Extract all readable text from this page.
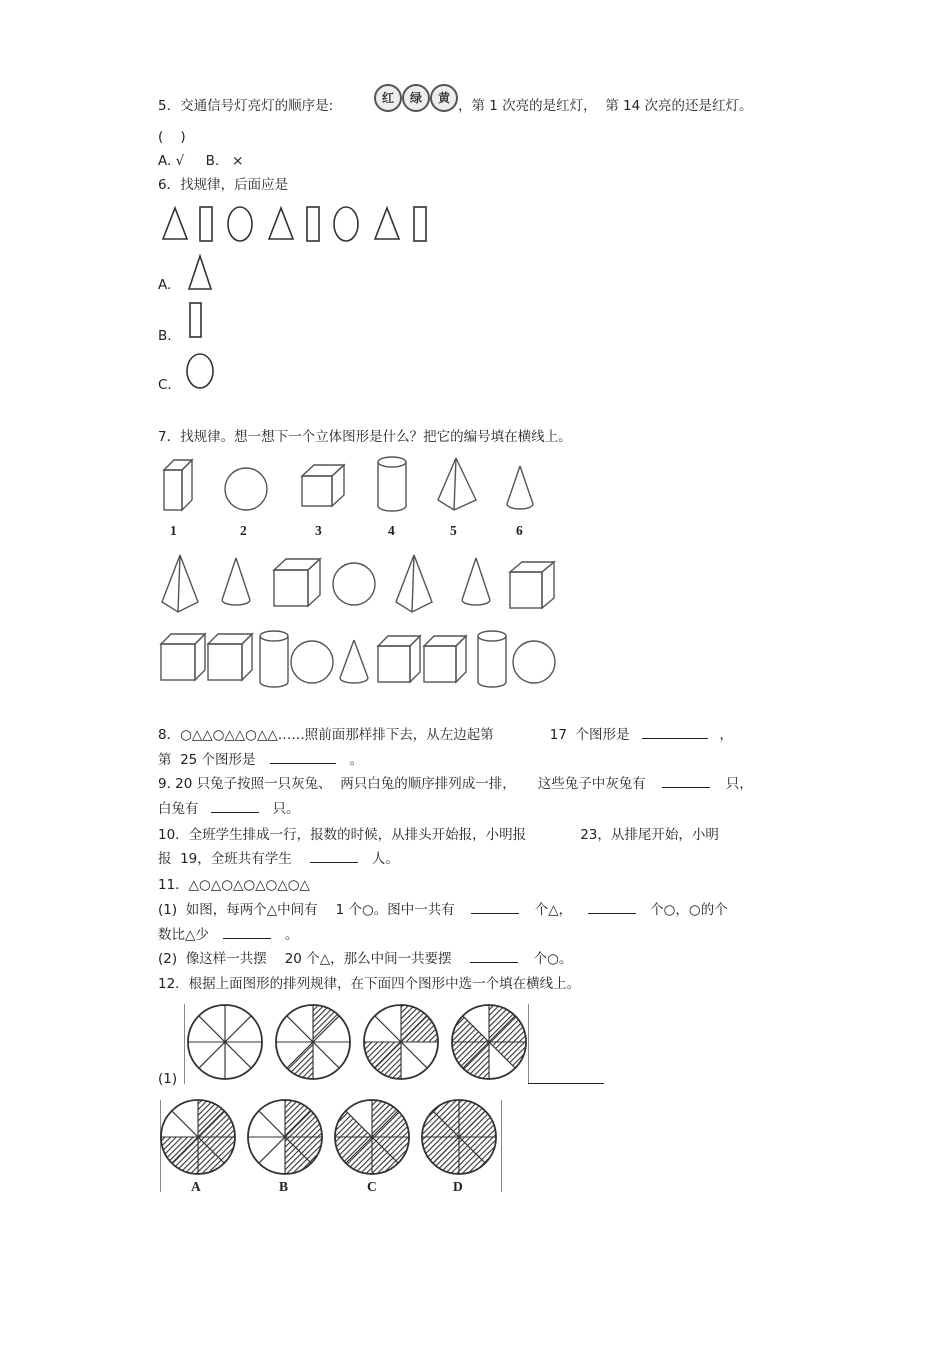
5．交通信号灯亮灯的顺序是:	红	绿	黄 ，第 1 次亮的是红灯，  第 14 次亮的还是红灯。
(    )
A. √     B.   ×
6．找规律，后面应是
A.
B.
C.
7．找规律。想一想下一个立体图形是什么？把它的编号填在横线上。
1	2	3	4	5	6
8．○△△○△△○△△……照前面那样排下去，从左边起第	17  个图形是	，
第  25 个图形是	。
9. 20 只兔子按照一只灰兔、  两只白兔的顺序排列成一排， 这些兔子中灰兔有	只，
白兔有	只。
10．全班学生排成一行，报数的时候，从排头开始报，小明报	23，从排尾开始，小明
报  19，全班共有学生	人。
11．△○△○△○△○△○△
(1)  如图，每两个△中间有 1 个○。图中一共有	个△，	个○，○的个
数比△少	。
(2)  像这样一共摆 20 个△，那么中间一共要摆	个○。
12．根据上面图形的排列规律，在下面四个图形中选一个填在横线上。
(1)
A	B	C	D
